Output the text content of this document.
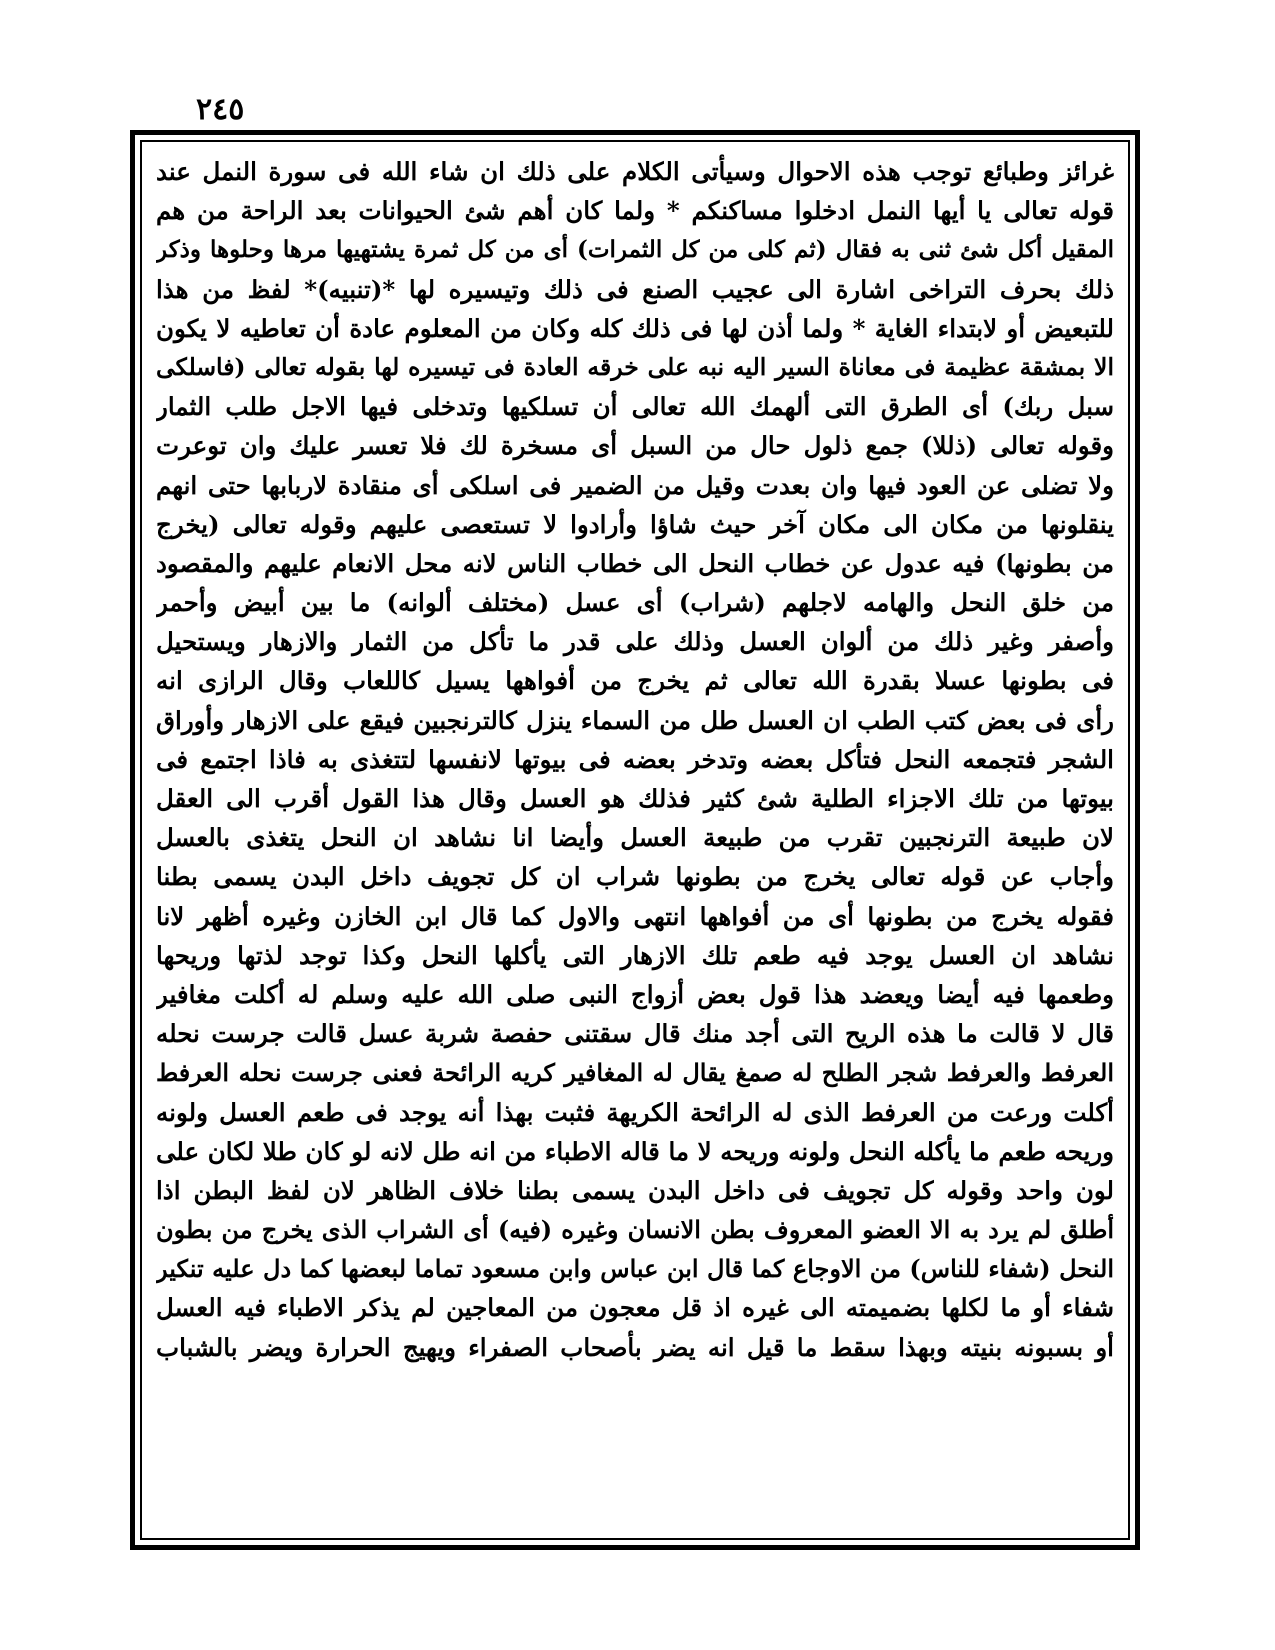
٢٤٥
غرائز وطبائع توجب هذه الاحوال وسيأتى الكلام على ذلك ان شاء الله فى سورة النمل عند
قوله تعالى يا أيها النمل ادخلوا مساكنكم * ولما كان أهم شئ الحيوانات بعد الراحة من هم
المقيل أكل شئ ثنى به فقال (ثم كلى من كل الثمرات) أى من كل ثمرة يشتهيها مرها وحلوها وذكر
ذلك بحرف التراخى اشارة الى عجيب الصنع فى ذلك وتيسيره لها *(تنبيه)* لفظ من هذا
للتبعيض أو لابتداء الغاية * ولما أذن لها فى ذلك كله وكان من المعلوم عادة أن تعاطيه لا يكون
الا بمشقة عظيمة فى معاناة السير اليه نبه على خرقه العادة فى تيسيره لها بقوله تعالى (فاسلكى
سبل ربك) أى الطرق التى ألهمك الله تعالى أن تسلكيها وتدخلى فيها الاجل طلب الثمار
وقوله تعالى (ذللا) جمع ذلول حال من السبل أى مسخرة لك فلا تعسر عليك وان توعرت
ولا تضلى عن العود فيها وان بعدت وقيل من الضمير فى اسلكى أى منقادة لاربابها حتى انهم
ينقلونها من مكان الى مكان آخر حيث شاؤا وأرادوا لا تستعصى عليهم وقوله تعالى (يخرج
من بطونها) فيه عدول عن خطاب النحل الى خطاب الناس لانه محل الانعام عليهم والمقصود
من خلق النحل والهامه لاجلهم (شراب) أى عسل (مختلف ألوانه) ما بين أبيض وأحمر
وأصفر وغير ذلك من ألوان العسل وذلك على قدر ما تأكل من الثمار والازهار ويستحيل
فى بطونها عسلا بقدرة الله تعالى ثم يخرج من أفواهها يسيل كاللعاب وقال الرازى انه
رأى فى بعض كتب الطب ان العسل طل من السماء ينزل كالترنجبين فيقع على الازهار وأوراق
الشجر فتجمعه النحل فتأكل بعضه وتدخر بعضه فى بيوتها لانفسها لتتغذى به فاذا اجتمع فى
بيوتها من تلك الاجزاء الطلية شئ كثير فذلك هو العسل وقال هذا القول أقرب الى العقل
لان طبيعة الترنجبين تقرب من طبيعة العسل وأيضا انا نشاهد ان النحل يتغذى بالعسل
وأجاب عن قوله تعالى يخرج من بطونها شراب ان كل تجويف داخل البدن يسمى بطنا
فقوله يخرج من بطونها أى من أفواهها انتهى والاول كما قال ابن الخازن وغيره أظهر لانا
نشاهد ان العسل يوجد فيه طعم تلك الازهار التى يأكلها النحل وكذا توجد لذتها وريحها
وطعمها فيه أيضا ويعضد هذا قول بعض أزواج النبى صلى الله عليه وسلم له أكلت مغافير
قال لا قالت ما هذه الريح التى أجد منك قال سقتنى حفصة شربة عسل قالت جرست نحله
العرفط والعرفط شجر الطلح له صمغ يقال له المغافير كريه الرائحة فعنى جرست نحله العرفط
أكلت ورعت من العرفط الذى له الرائحة الكريهة فثبت بهذا أنه يوجد فى طعم العسل ولونه
وريحه طعم ما يأكله النحل ولونه وريحه لا ما قاله الاطباء من انه طل لانه لو كان طلا لكان على
لون واحد وقوله كل تجويف فى داخل البدن يسمى بطنا خلاف الظاهر لان لفظ البطن اذا
أطلق لم يرد به الا العضو المعروف بطن الانسان وغيره (فيه) أى الشراب الذى يخرج من بطون
النحل (شفاء للناس) من الاوجاع كما قال ابن عباس وابن مسعود تماما لبعضها كما دل عليه تنكير
شفاء أو ما لكلها بضميمته الى غيره اذ قل معجون من المعاجين لم يذكر الاطباء فيه العسل
أو بسبونه بنيته وبهذا سقط ما قيل انه يضر بأصحاب الصفراء ويهيج الحرارة ويضر بالشباب
